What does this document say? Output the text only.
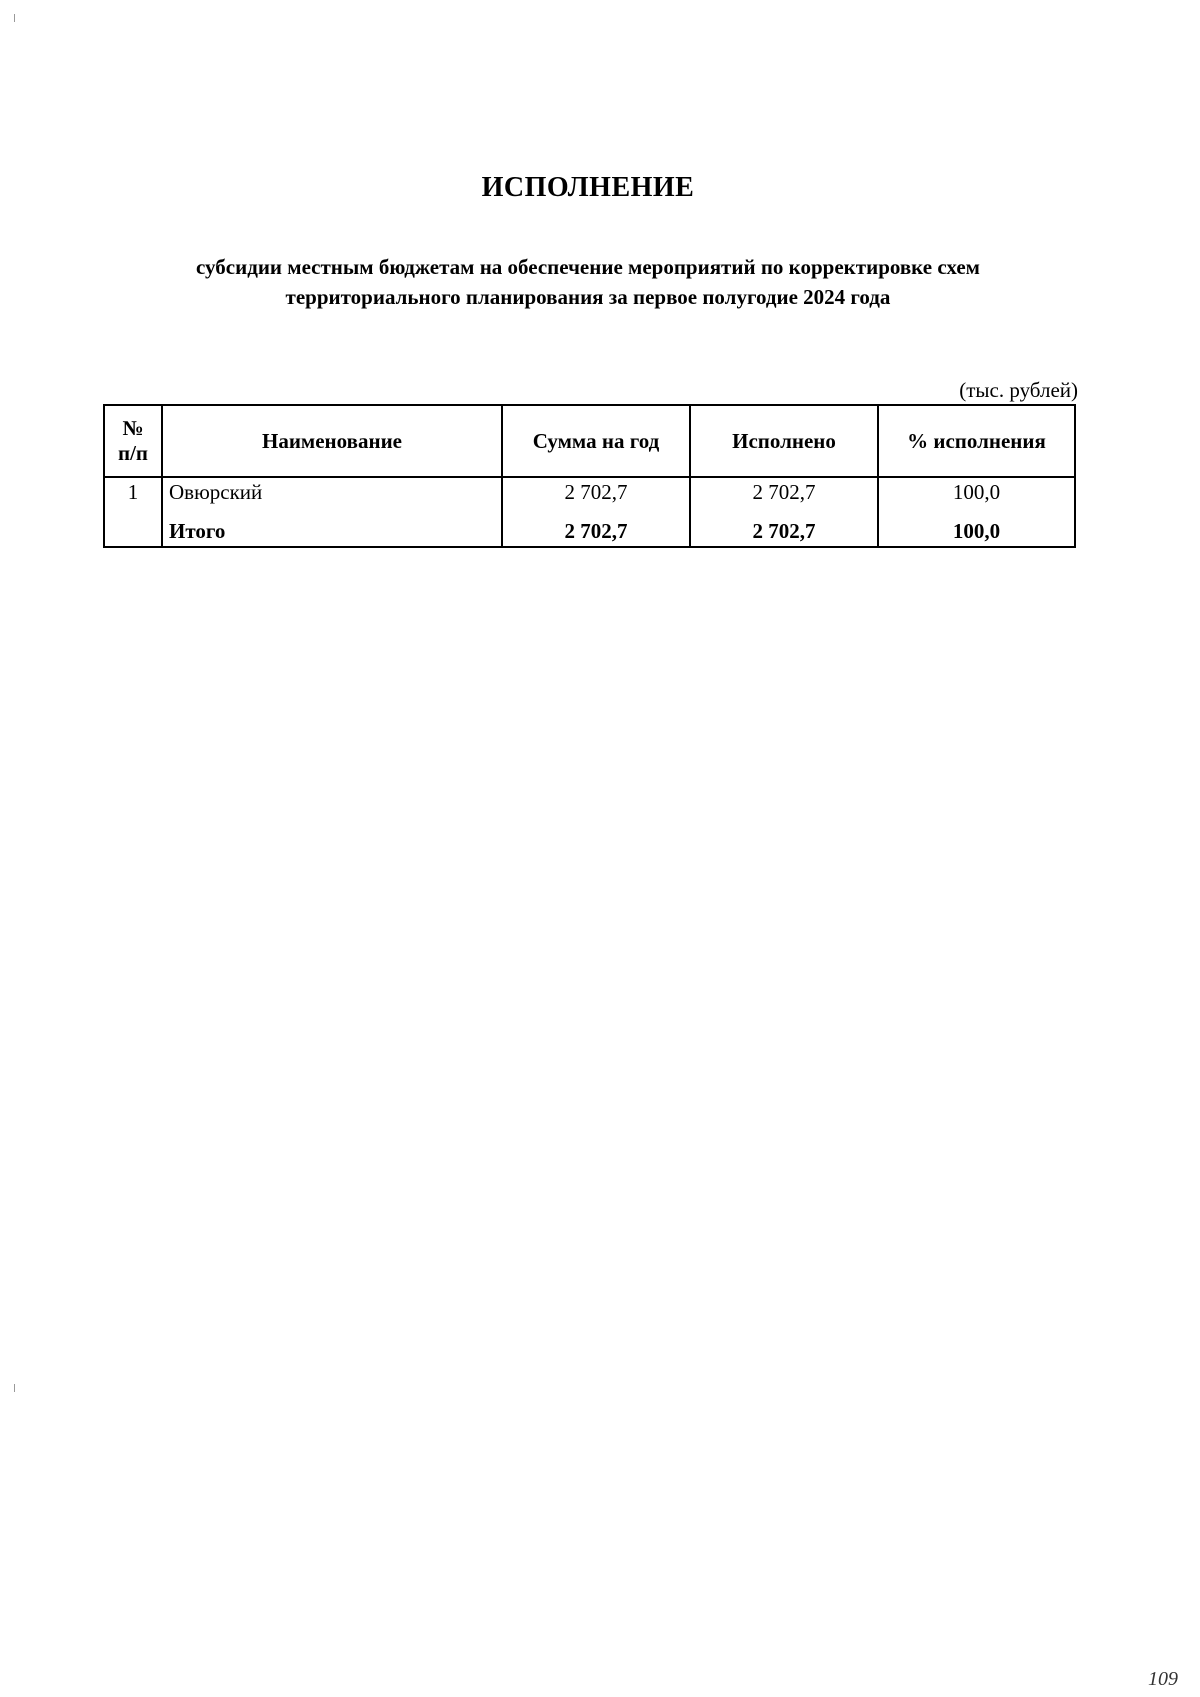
ИСПОЛНЕНИЕ
субсидии местным бюджетам на обеспечение мероприятий по корректировке схем
территориального планирования за первое полугодие 2024 года
(тыс. рублей)
№
п/п	Наименование	Сумма на год	Исполнено	% исполнения
1	Овюрский	2 702,7	2 702,7	100,0
	Итого	2 702,7	2 702,7	100,0
109
